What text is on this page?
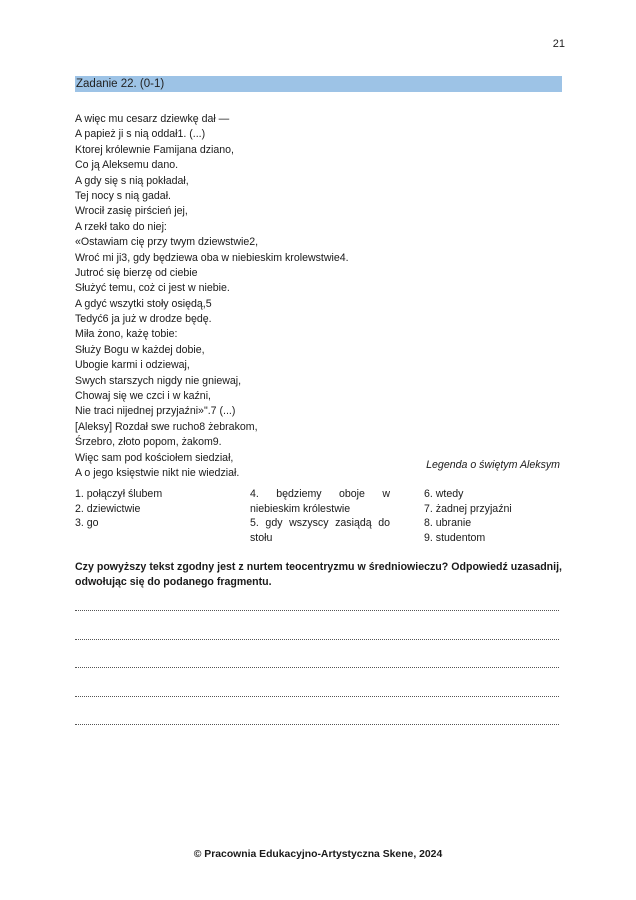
21
Zadanie 22. (0-1)
A więc mu cesarz dziewkę dał —
A papież ji s nią oddał1. (...)
Ktorej królewnie Famijana dziano,
Co ją Aleksemu dano.
A gdy się s nią pokładał,
Tej nocy s nią gadał.
Wrocił zasię pirścień jej,
A rzekł tako do niej:
«Ostawiam cię przy twym dziewstwie2,
Wroć mi ji3, gdy będziewa oba w niebieskim krolewstwie4.
Jutroć się bierzę od ciebie
Służyć temu, coż ci jest w niebie.
A gdyć wszytki stoły osiędą,5
Tedyć6 ja już w drodze będę.
Miła żono, każę tobie:
Służy Bogu w każdej dobie,
Ubogie karmi i odziewaj,
Swych starszych nigdy nie gniewaj,
Chowaj się we czci i w kaźni,
Nie traci nijednej przyjaźni»".7 (...)
[Aleksy] Rozdał swe rucho8 żebrakom,
Śrzebro, złoto popom, żakom9.
Więc sam pod kościołem siedział,
A o jego księstwie nikt nie wiedział.
Legenda o świętym Aleksym
1. połączył ślubem
2. dziewictwie
3. go
4. będziemy oboje w niebieskim królestwie
5. gdy wszyscy zasiądą do stołu
6. wtedy
7. żadnej przyjaźni
8. ubranie
9. studentom
Czy powyższy tekst zgodny jest z nurtem teocentryzmu w średniowieczu? Odpowiedź uzasadnij, odwołując się do podanego fragmentu.
© Pracownia Edukacyjno-Artystyczna Skene, 2024
